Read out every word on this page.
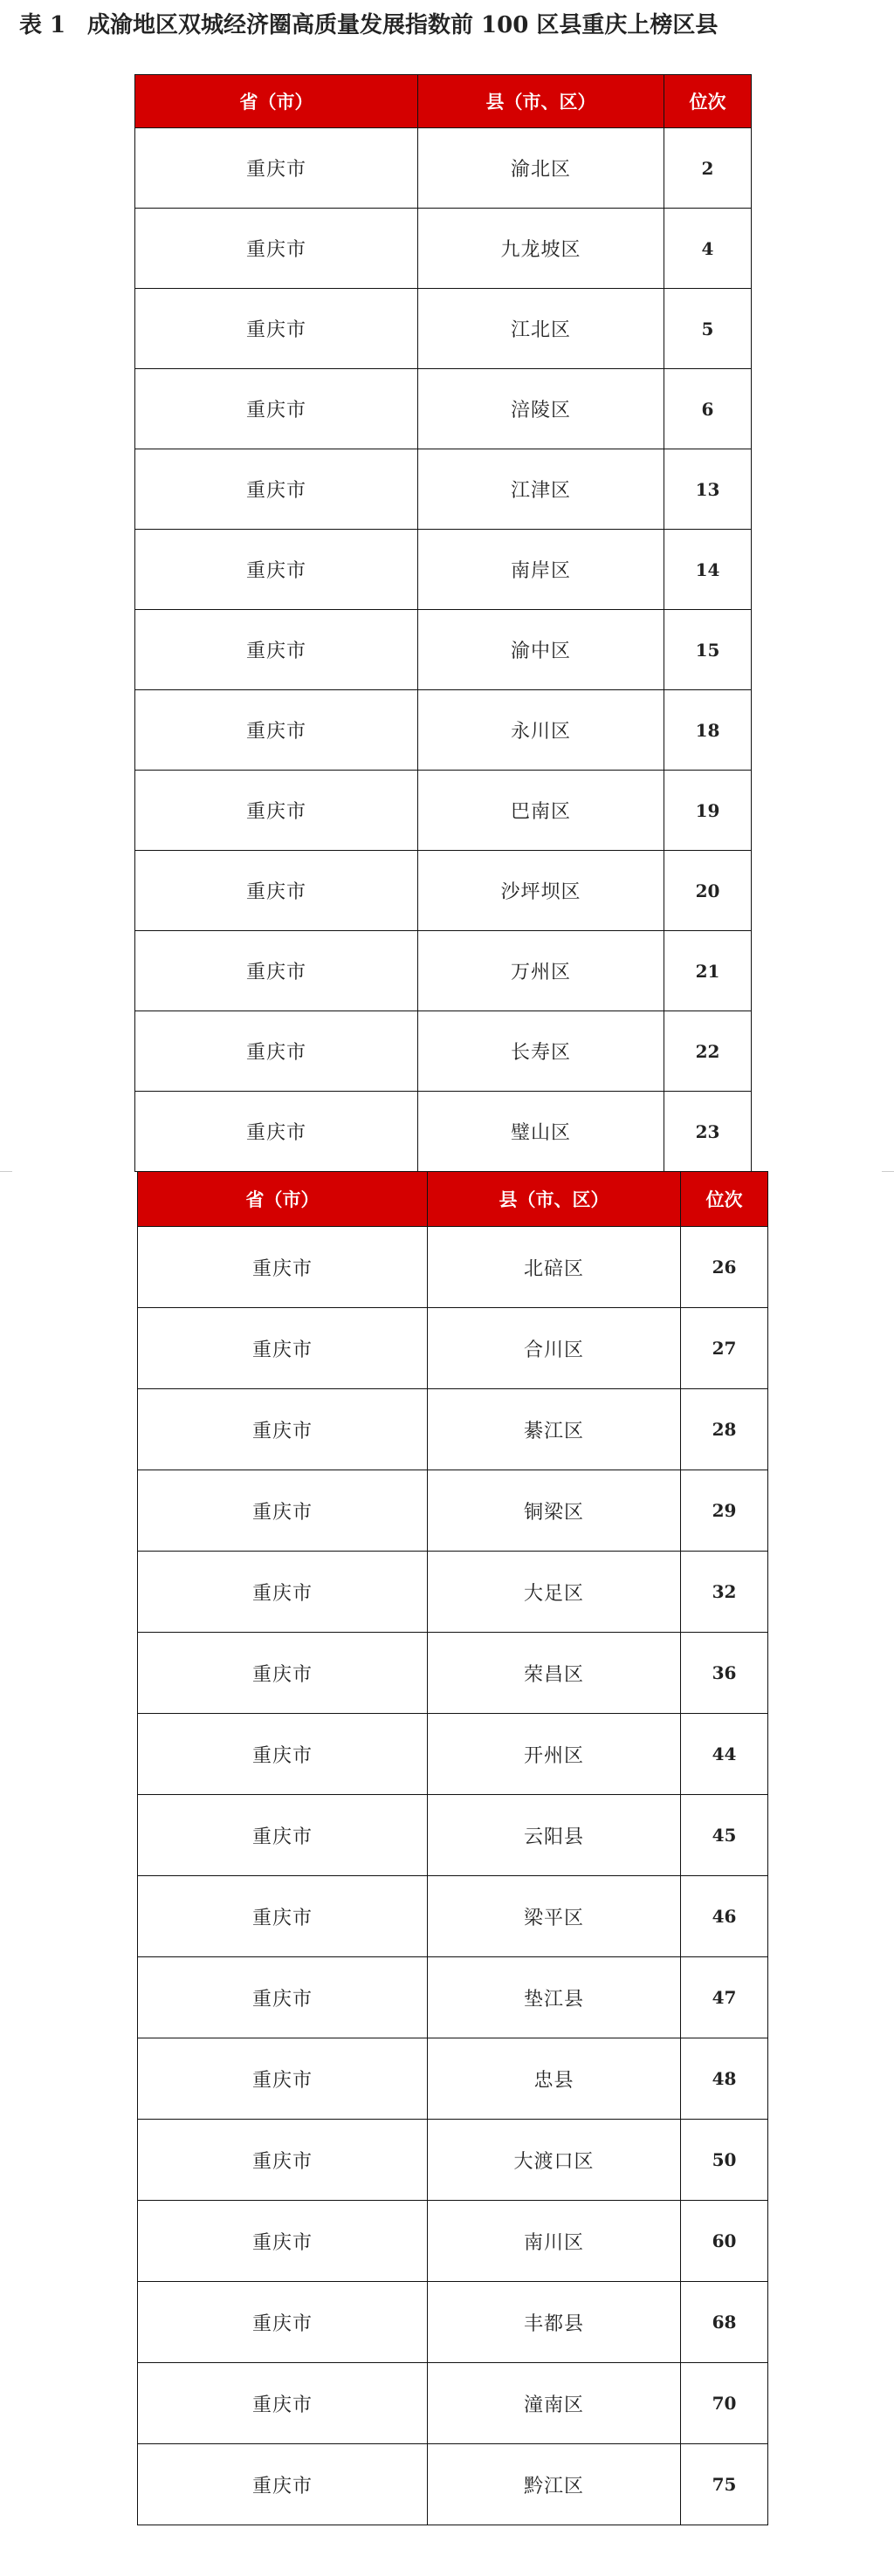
表 1 成渝地区双城经济圈高质量发展指数前 100 区县重庆上榜区县
省（市）	县（市、区）	位次
重庆市	渝北区	2
重庆市	九龙坡区	4
重庆市	江北区	5
重庆市	涪陵区	6
重庆市	江津区	13
重庆市	南岸区	14
重庆市	渝中区	15
重庆市	永川区	18
重庆市	巴南区	19
重庆市	沙坪坝区	20
重庆市	万州区	21
重庆市	长寿区	22
重庆市	璧山区	23
省（市）	县（市、区）	位次
重庆市	北碚区	26
重庆市	合川区	27
重庆市	綦江区	28
重庆市	铜梁区	29
重庆市	大足区	32
重庆市	荣昌区	36
重庆市	开州区	44
重庆市	云阳县	45
重庆市	梁平区	46
重庆市	垫江县	47
重庆市	忠县	48
重庆市	大渡口区	50
重庆市	南川区	60
重庆市	丰都县	68
重庆市	潼南区	70
重庆市	黔江区	75
